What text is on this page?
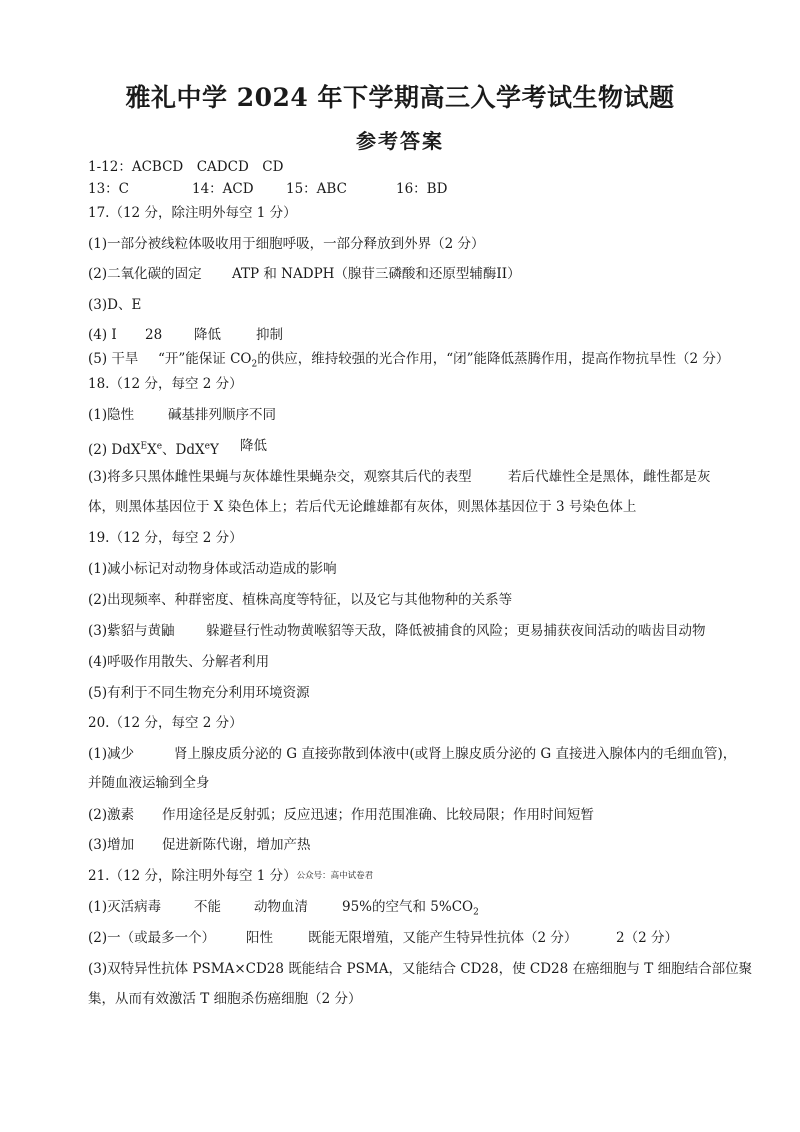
雅礼中学 2024 年下学期高三入学考试生物试题
参考答案
1-12：ACBCD　CADCD　CD
13：C	14：ACD 15：ABC	16：BD
17.（12 分，除注明外每空 1 分）
(1)一部分被线粒体吸收用于细胞呼吸，一部分释放到外界（2 分）
(2)二氧化碳的固定 ATP 和 NADPH（腺苷三磷酸和还原型辅酶II）
(3)D、E
(4) I 28 降低	抑制
(5) 干旱 “开”能保证 $CO_2$的供应，维持较强的光合作用，“闭”能降低蒸腾作用，提高作物抗旱性（2 分）
18.（12 分，每空 2 分）
(1)隐性	碱基排列顺序不同
(2) DdX$^E$Xe、DdX$^e$Y 降低
(3)将多只黑体雌性果蝇与灰体雄性果蝇杂交，观察其后代的表型	若后代雄性全是黑体，雌性都是灰
体，则黑体基因位于 X 染色体上；若后代无论雌雄都有灰体，则黑体基因位于 3 号染色体上
19.（12 分，每空 2 分）
(1)减小标记对动物身体或活动造成的影响
(2)出现频率、种群密度、植株高度等特征，以及它与其他物种的关系等
(3)紫貂与黄鼬 躲避昼行性动物黄喉貂等天敌，降低被捕食的风险；更易捕获夜间活动的啮齿目动物
(4)呼吸作用散失、分解者利用
(5)有利于不同生物充分利用环境资源
20.（12 分，每空 2 分）
(1)减少	肾上腺皮质分泌的 G 直接弥散到体液中(或肾上腺皮质分泌的 G 直接进入腺体内的毛细血管)，
并随血液运输到全身
(2)激素 作用途径是反射弧；反应迅速；作用范围准确、比较局限；作用时间短暂
(3)增加 促进新陈代谢，增加产热
21.（12 分，除注明外每空 1 分）公众号：高中试卷君
(1)灭活病毒 不能 动物血清	95%的空气和 $5\%CO_2$
(2)一（或最多一个） 阳性	既能无限增殖，又能产生特异性抗体（2 分）	2（2 分）
(3)双特异性抗体 PSMA×CD28 既能结合 PSMA，又能结合 CD28，使 CD28 在癌细胞与 T 细胞结合部位聚
集，从而有效激活 T 细胞杀伤癌细胞（2 分）
